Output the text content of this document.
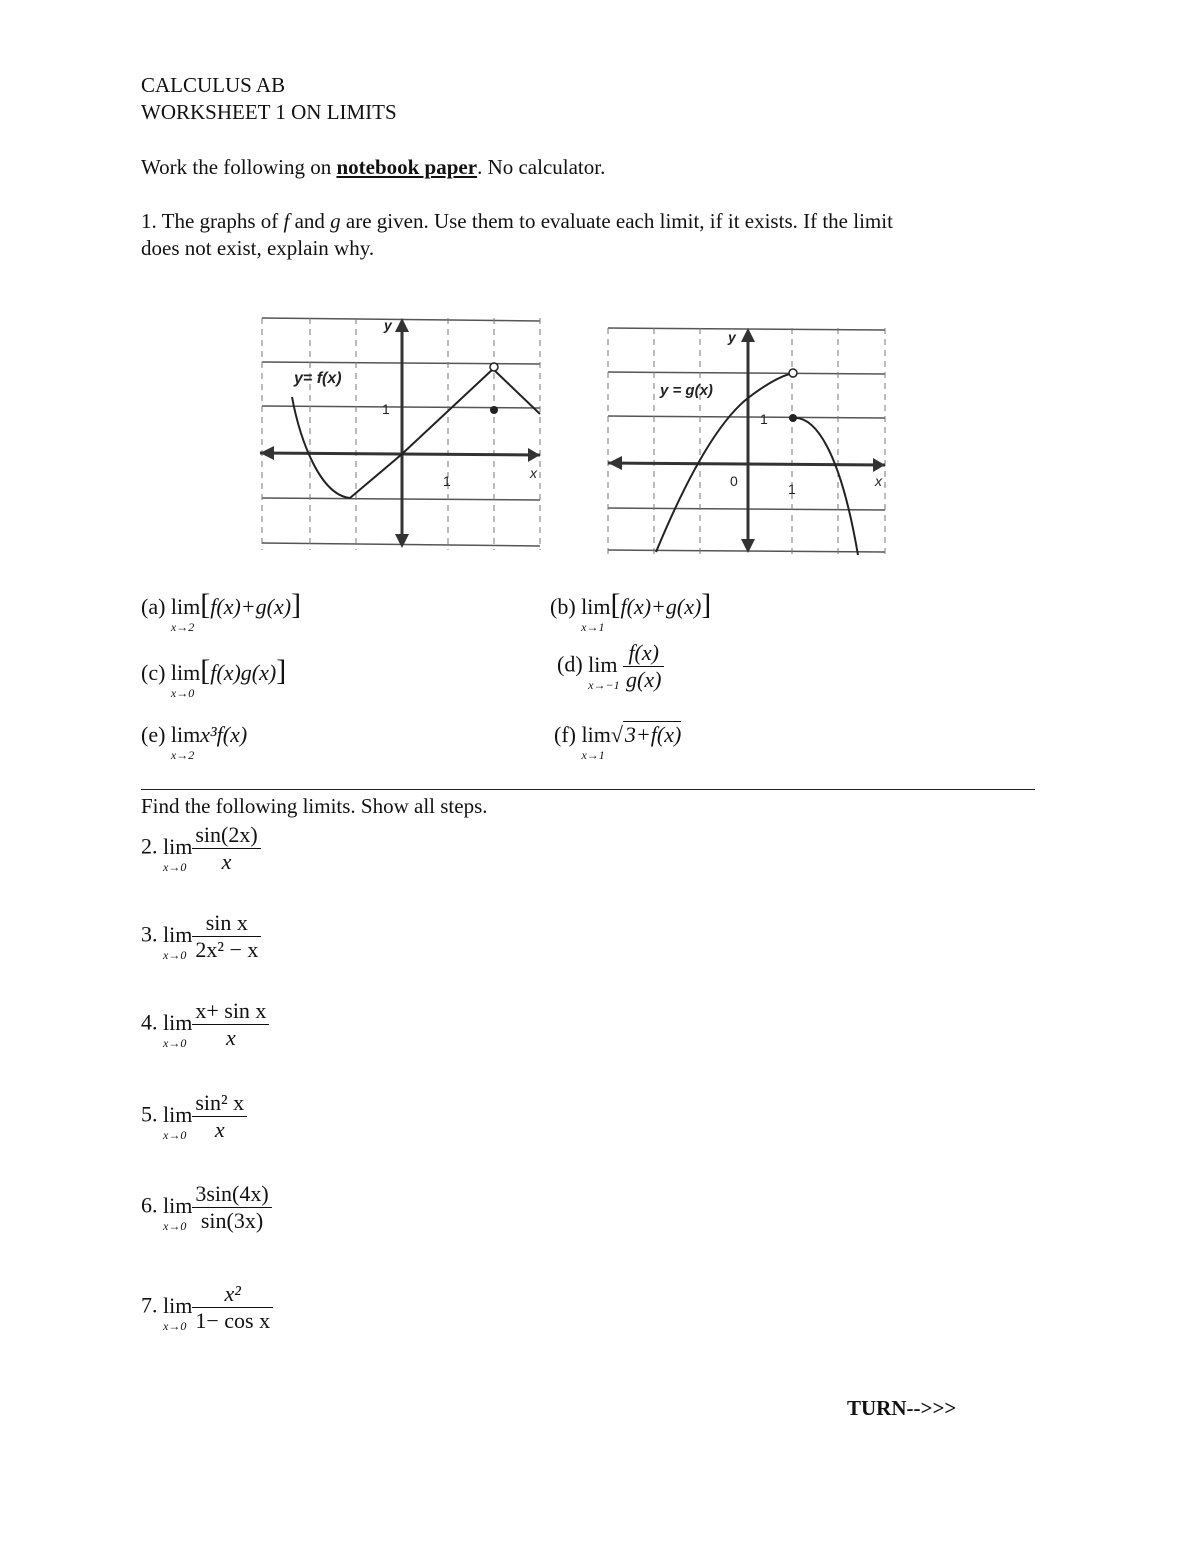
CALCULUS AB
WORKSHEET 1 ON LIMITS
Work the following on notebook paper. No calculator.
1. The graphs of f and g are given. Use them to evaluate each limit, if it exists. If the limit
does not exist, explain why.
y= f(x)
y
x
1
1
y = g(x)
y
x
0	1
1
(a) lim
x→2
[f(x)+g(x)]	(b) lim
x→1
[f(x)+g(x)]
(c) lim
x→0
[f(x)g(x)]	(d) lim
x→−1
$\frac{f(x)}{g(x)}$
(e) lim
x→2
x³f(x)	(f) lim
x→1
√3+f(x)
Find the following limits. Show all steps.
2. lim
$x\to 0 \frac{\sin(2x)}{x}$
3. lim
$x\to 0 \frac{\text{sin x}}{\text{2x² − x}}$
4. lim
$x\to 0 \frac{\text{x+ sin x}}{x}$
5. lim
$x\to 0 \frac{\text{sin² x}}{x}$
6. lim
$x\to 0 \frac{3\sin(4x)}{\sin(3x)}$
7. lim
$x\to 0 \frac{\text{x²}}{\text{1− cos x}}$
TURN-->>>
